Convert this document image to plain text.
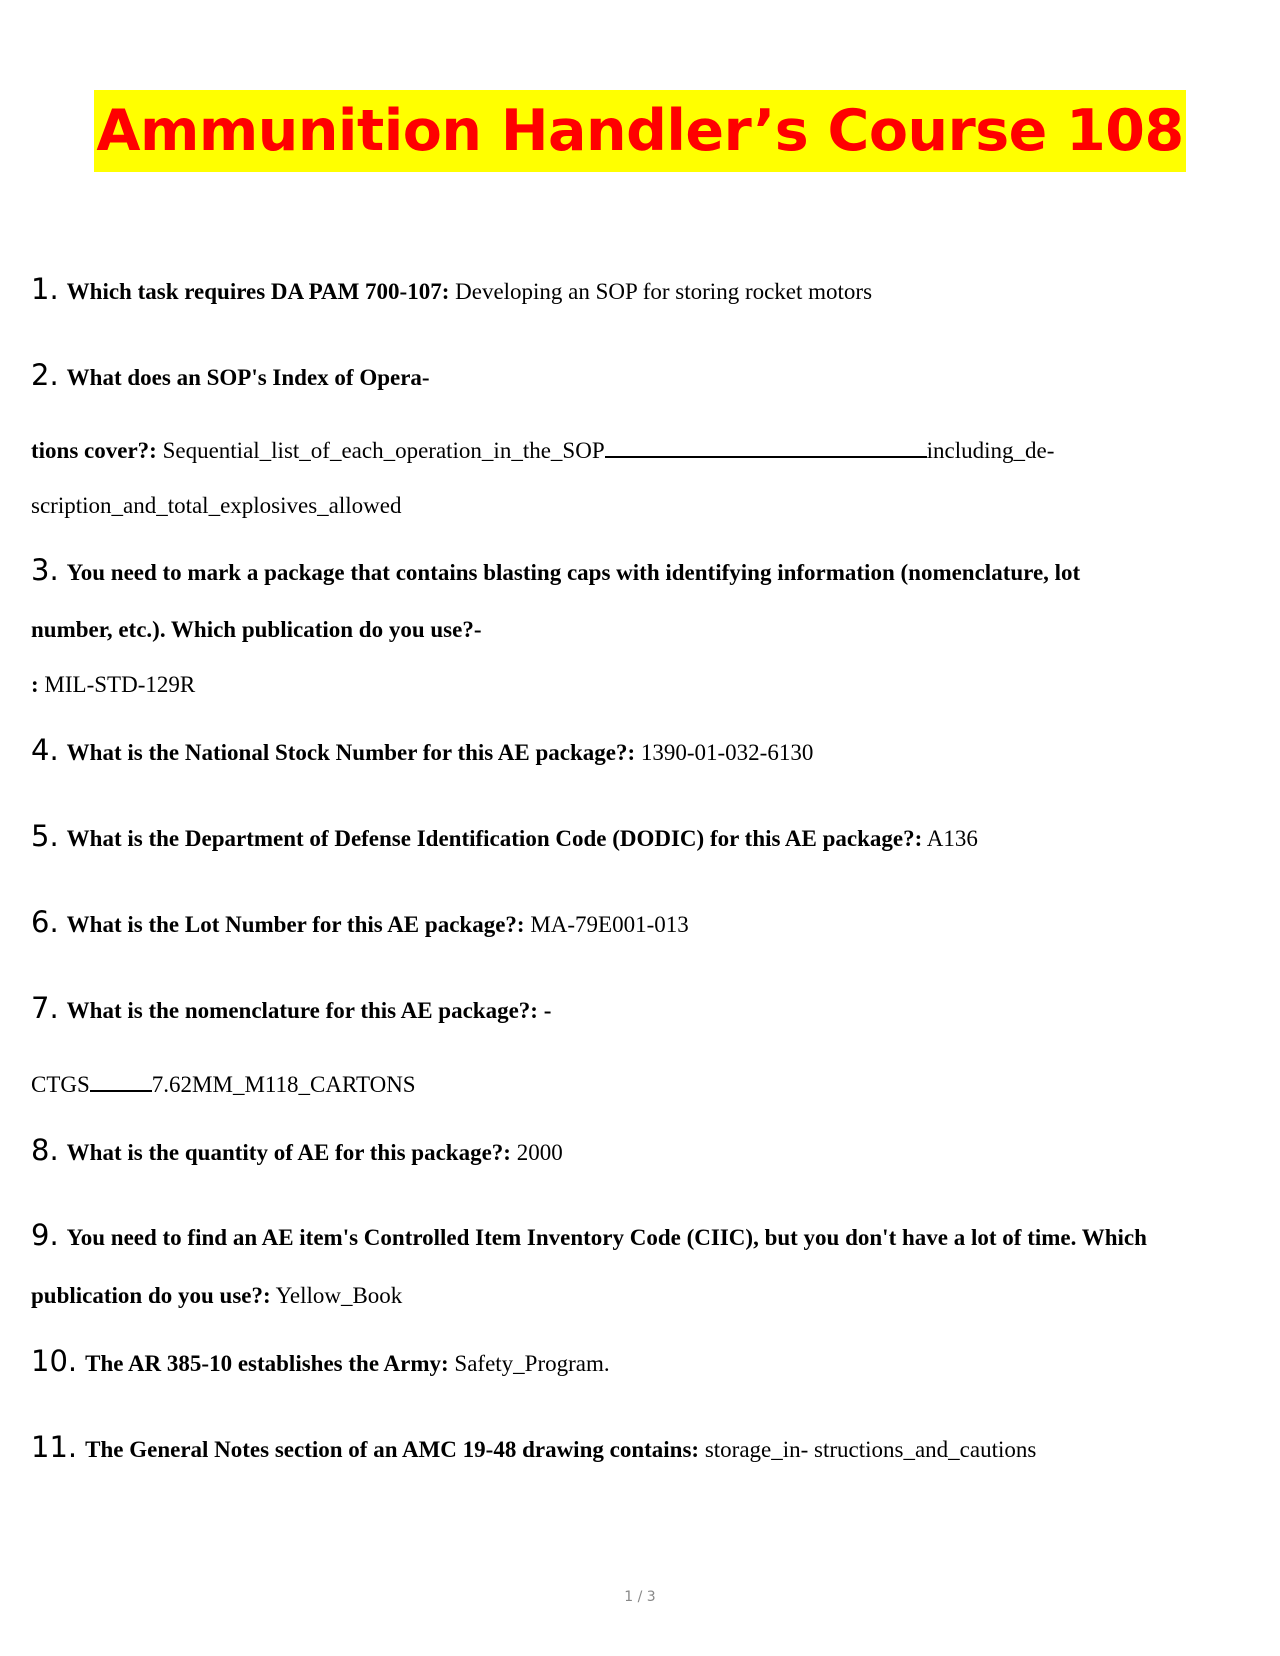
Ammunition Handler’s Course 108
1. Which task requires DA PAM 700-107: Developing an SOP for storing rocket motors
2. What does an SOP's Index of Opera-
tions cover?: Sequential_list_of_each_operation_in_the_SOP	including_de-
scription_and_total_explosives_allowed
3. You need to mark a package that contains blasting caps with identifying information (nomenclature, lot
number, etc.). Which publication do you use?-
: MIL-STD-129R
4. What is the National Stock Number for this AE package?: 1390-01-032-6130
5. What is the Department of Defense Identification Code (DODIC) for this AE package?: A136
6. What is the Lot Number for this AE package?: MA-79E001-013
7. What is the nomenclature for this AE package?: -
CTGS	7.62MM_M118_CARTONS
8. What is the quantity of AE for this package?: 2000
9. You need to find an AE item's Controlled Item Inventory Code (CIIC), but you don't have a lot of time. Which
publication do you use?: Yellow_Book
10. The AR 385-10 establishes the Army: Safety_Program.
11. The General Notes section of an AMC 19-48 drawing contains: storage_in- structions_and_cautions
1 / 3
